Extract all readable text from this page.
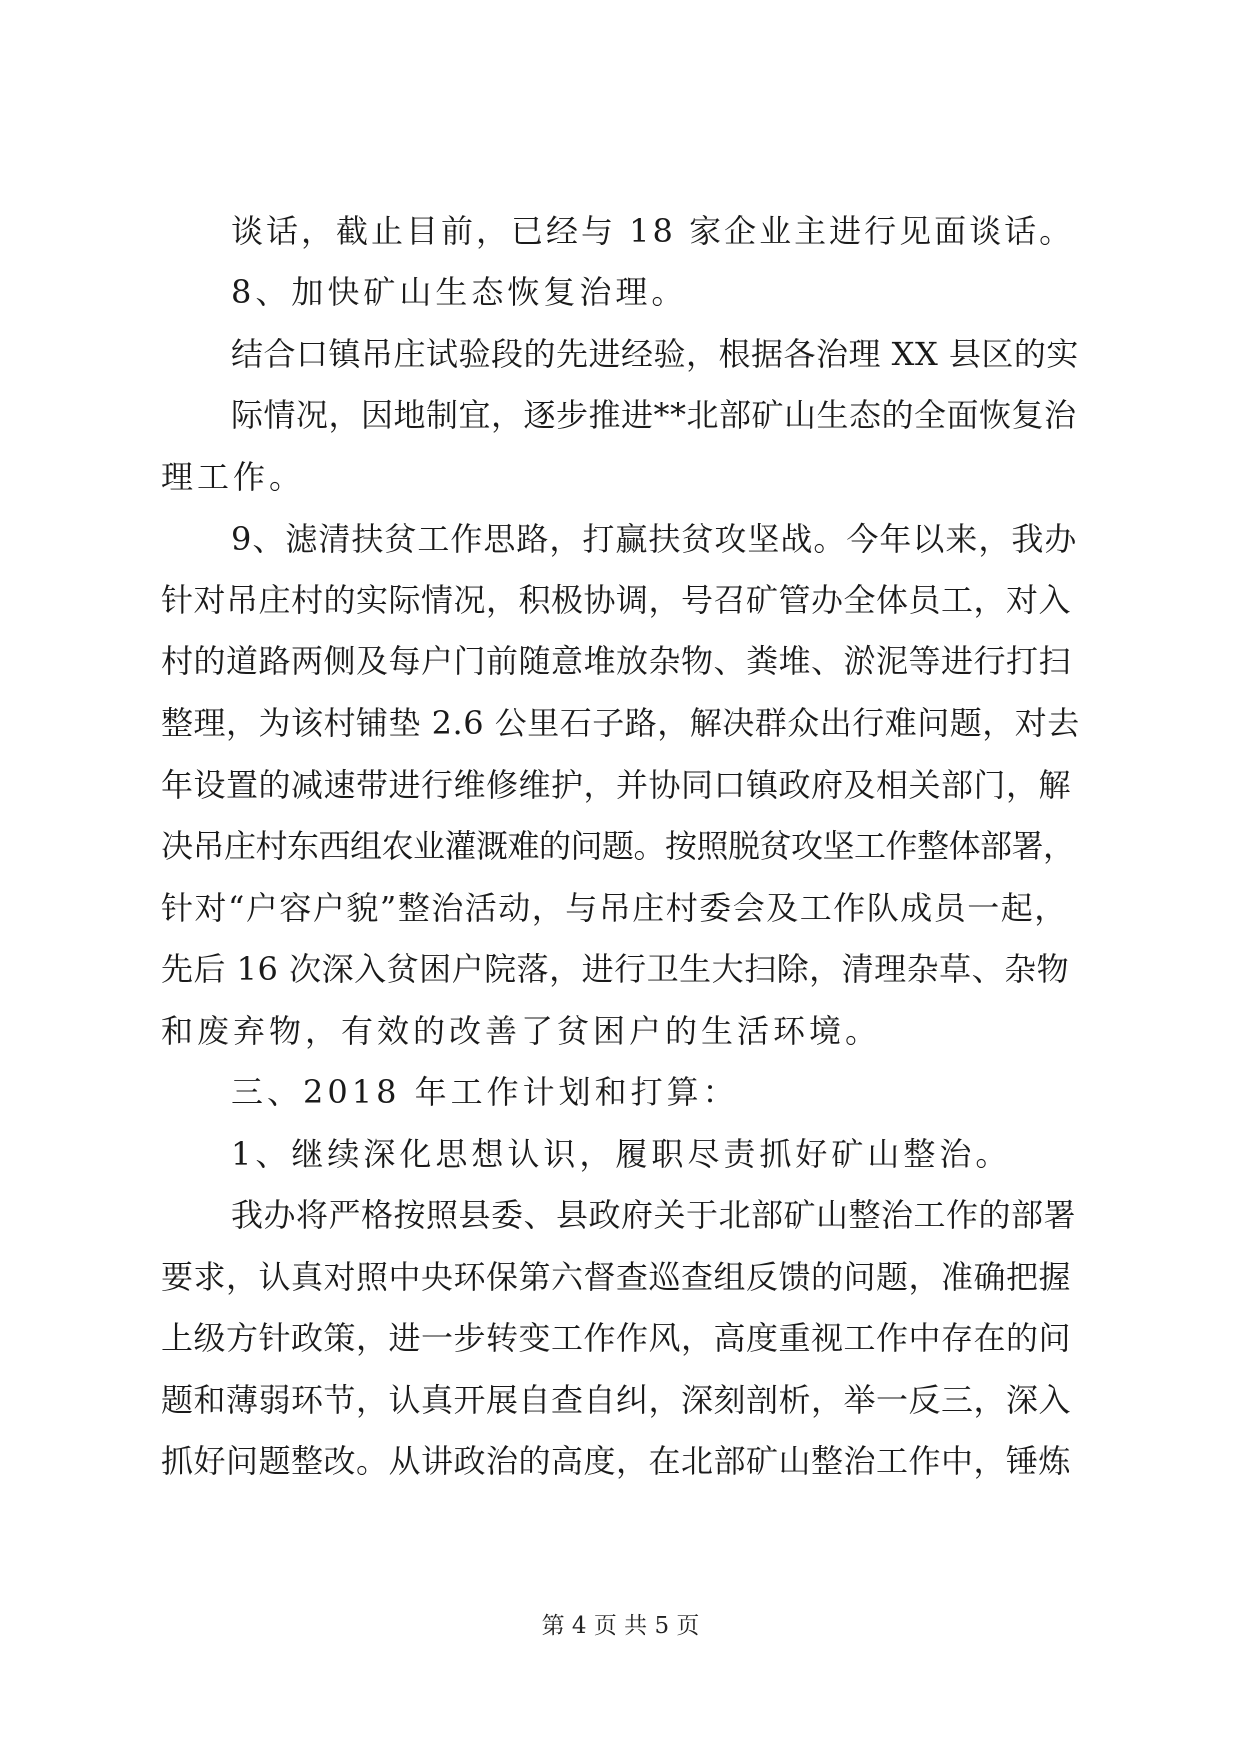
谈话，截止目前，已经与 18 家企业主进行见面谈话。
8、加快矿山生态恢复治理。
结合口镇吊庄试验段的先进经验，根据各治理 XX 县区的实
际情况，因地制宜，逐步推进**北部矿山生态的全面恢复治
理工作。
9、滤清扶贫工作思路，打赢扶贫攻坚战。今年以来，我办
针对吊庄村的实际情况，积极协调，号召矿管办全体员工，对入
村的道路两侧及每户门前随意堆放杂物、粪堆、淤泥等进行打扫
整理，为该村铺垫 2.6 公里石子路，解决群众出行难问题，对去
年设置的减速带进行维修维护，并协同口镇政府及相关部门，解
决吊庄村东西组农业灌溉难的问题。按照脱贫攻坚工作整体部署，
针对“户容户貌”整治活动，与吊庄村委会及工作队成员一起，
先后 16 次深入贫困户院落，进行卫生大扫除，清理杂草、杂物
和废弃物，有效的改善了贫困户的生活环境。
三、2018 年工作计划和打算：
1、继续深化思想认识，履职尽责抓好矿山整治。
我办将严格按照县委、县政府关于北部矿山整治工作的部署
要求，认真对照中央环保第六督查巡查组反馈的问题，准确把握
上级方针政策，进一步转变工作作风，高度重视工作中存在的问
题和薄弱环节，认真开展自查自纠，深刻剖析，举一反三，深入
抓好问题整改。从讲政治的高度，在北部矿山整治工作中，锤炼
第 4 页 共 5 页
